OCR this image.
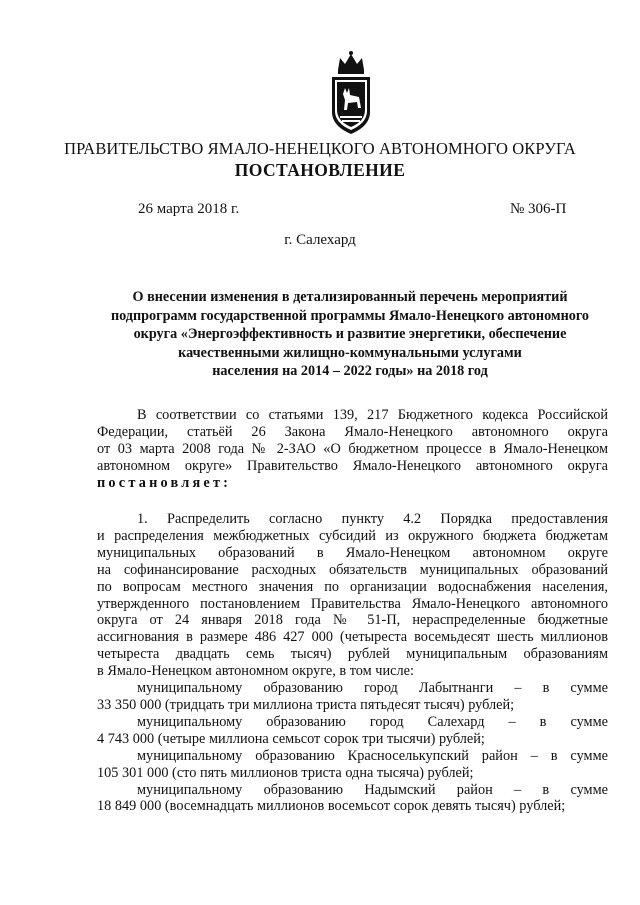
ПРАВИТЕЛЬСТВО ЯМАЛО-НЕНЕЦКОГО АВТОНОМНОГО ОКРУГА
ПОСТАНОВЛЕНИЕ
26 марта 2018 г.	№ 306-П
г. Салехард
О внесении изменения в детализированный перечень мероприятий
подпрограмм государственной программы Ямало-Ненецкого автономного
округа «Энергоэффективность и развитие энергетики, обеспечение
качественными жилищно-коммунальными услугами
населения на 2014 – 2022 годы» на 2018 год
В соответствии со статьями 139, 217 Бюджетного кодекса Российской
Федерации, статьёй 26 Закона Ямало-Ненецкого автономного округа
от 03 марта 2008 года № 2-ЗАО «О бюджетном процессе в Ямало-Ненецком
автономном округе» Правительство Ямало-Ненецкого автономного округа
постановляет:
1. Распределить согласно пункту 4.2 Порядка предоставления
и распределения межбюджетных субсидий из окружного бюджета бюджетам
муниципальных образований в Ямало-Ненецком автономном округе
на софинансирование расходных обязательств муниципальных образований
по вопросам местного значения по организации водоснабжения населения,
утвержденного постановлением Правительства Ямало-Ненецкого автономного
округа от 24 января 2018 года № 51-П, нераспределенные бюджетные
ассигнования в размере 486 427 000 (четыреста восемьдесят шесть миллионов
четыреста двадцать семь тысяч) рублей муниципальным образованиям
в Ямало-Ненецком автономном округе, в том числе:
муниципальному образованию город Лабытнанги – в сумме
33 350 000 (тридцать три миллиона триста пятьдесят тысяч) рублей;
муниципальному образованию город Салехард – в сумме
4 743 000 (четыре миллиона семьсот сорок три тысячи) рублей;
муниципальному образованию Красноселькупский район – в сумме
105 301 000 (сто пять миллионов триста одна тысяча) рублей;
муниципальному образованию Надымский район – в сумме
18 849 000 (восемнадцать миллионов восемьсот сорок девять тысяч) рублей;
